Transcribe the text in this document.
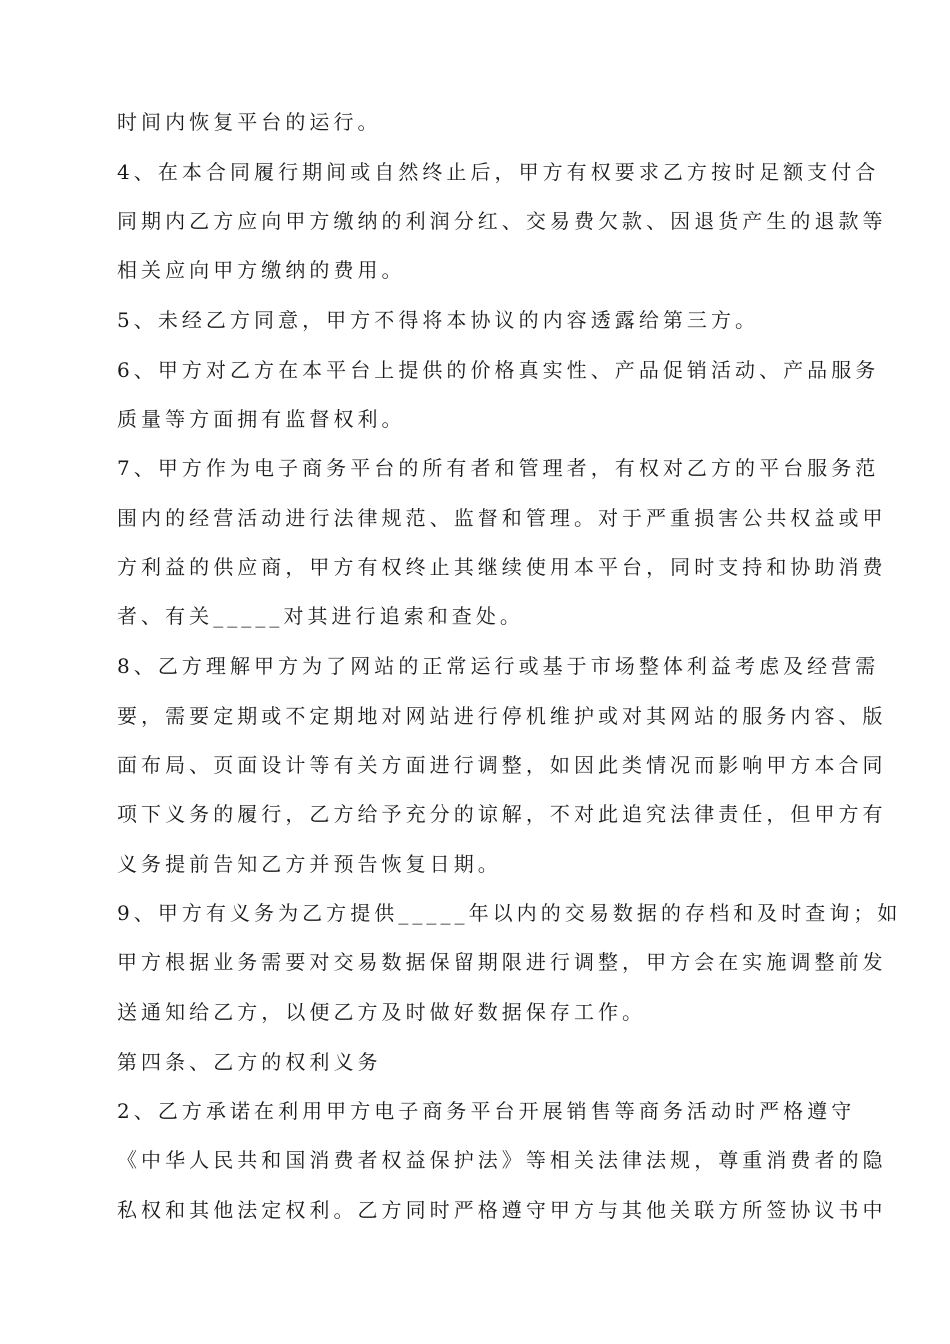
时间内恢复平台的运行。

4、在本合同履行期间或自然终止后，甲方有权要求乙方按时足额支付合

同期内乙方应向甲方缴纳的利润分红、交易费欠款、因退货产生的退款等

相关应向甲方缴纳的费用。

5、未经乙方同意，甲方不得将本协议的内容透露给第三方。

6、甲方对乙方在本平台上提供的价格真实性、产品促销活动、产品服务

质量等方面拥有监督权利。

7、甲方作为电子商务平台的所有者和管理者，有权对乙方的平台服务范

围内的经营活动进行法律规范、监督和管理。对于严重损害公共权益或甲

方利益的供应商，甲方有权终止其继续使用本平台，同时支持和协助消费

者、有关_____对其进行追索和查处。

8、乙方理解甲方为了网站的正常运行或基于市场整体利益考虑及经营需

要，需要定期或不定期地对网站进行停机维护或对其网站的服务内容、版

面布局、页面设计等有关方面进行调整，如因此类情况而影响甲方本合同

项下义务的履行，乙方给予充分的谅解，不对此追究法律责任，但甲方有

义务提前告知乙方并预告恢复日期。

9、甲方有义务为乙方提供_____年以内的交易数据的存档和及时查询；如

甲方根据业务需要对交易数据保留期限进行调整，甲方会在实施调整前发

送通知给乙方，以便乙方及时做好数据保存工作。

第四条、乙方的权利义务

2、乙方承诺在利用甲方电子商务平台开展销售等商务活动时严格遵守

《中华人民共和国消费者权益保护法》等相关法律法规，尊重消费者的隐

私权和其他法定权利。乙方同时严格遵守甲方与其他关联方所签协议书中
